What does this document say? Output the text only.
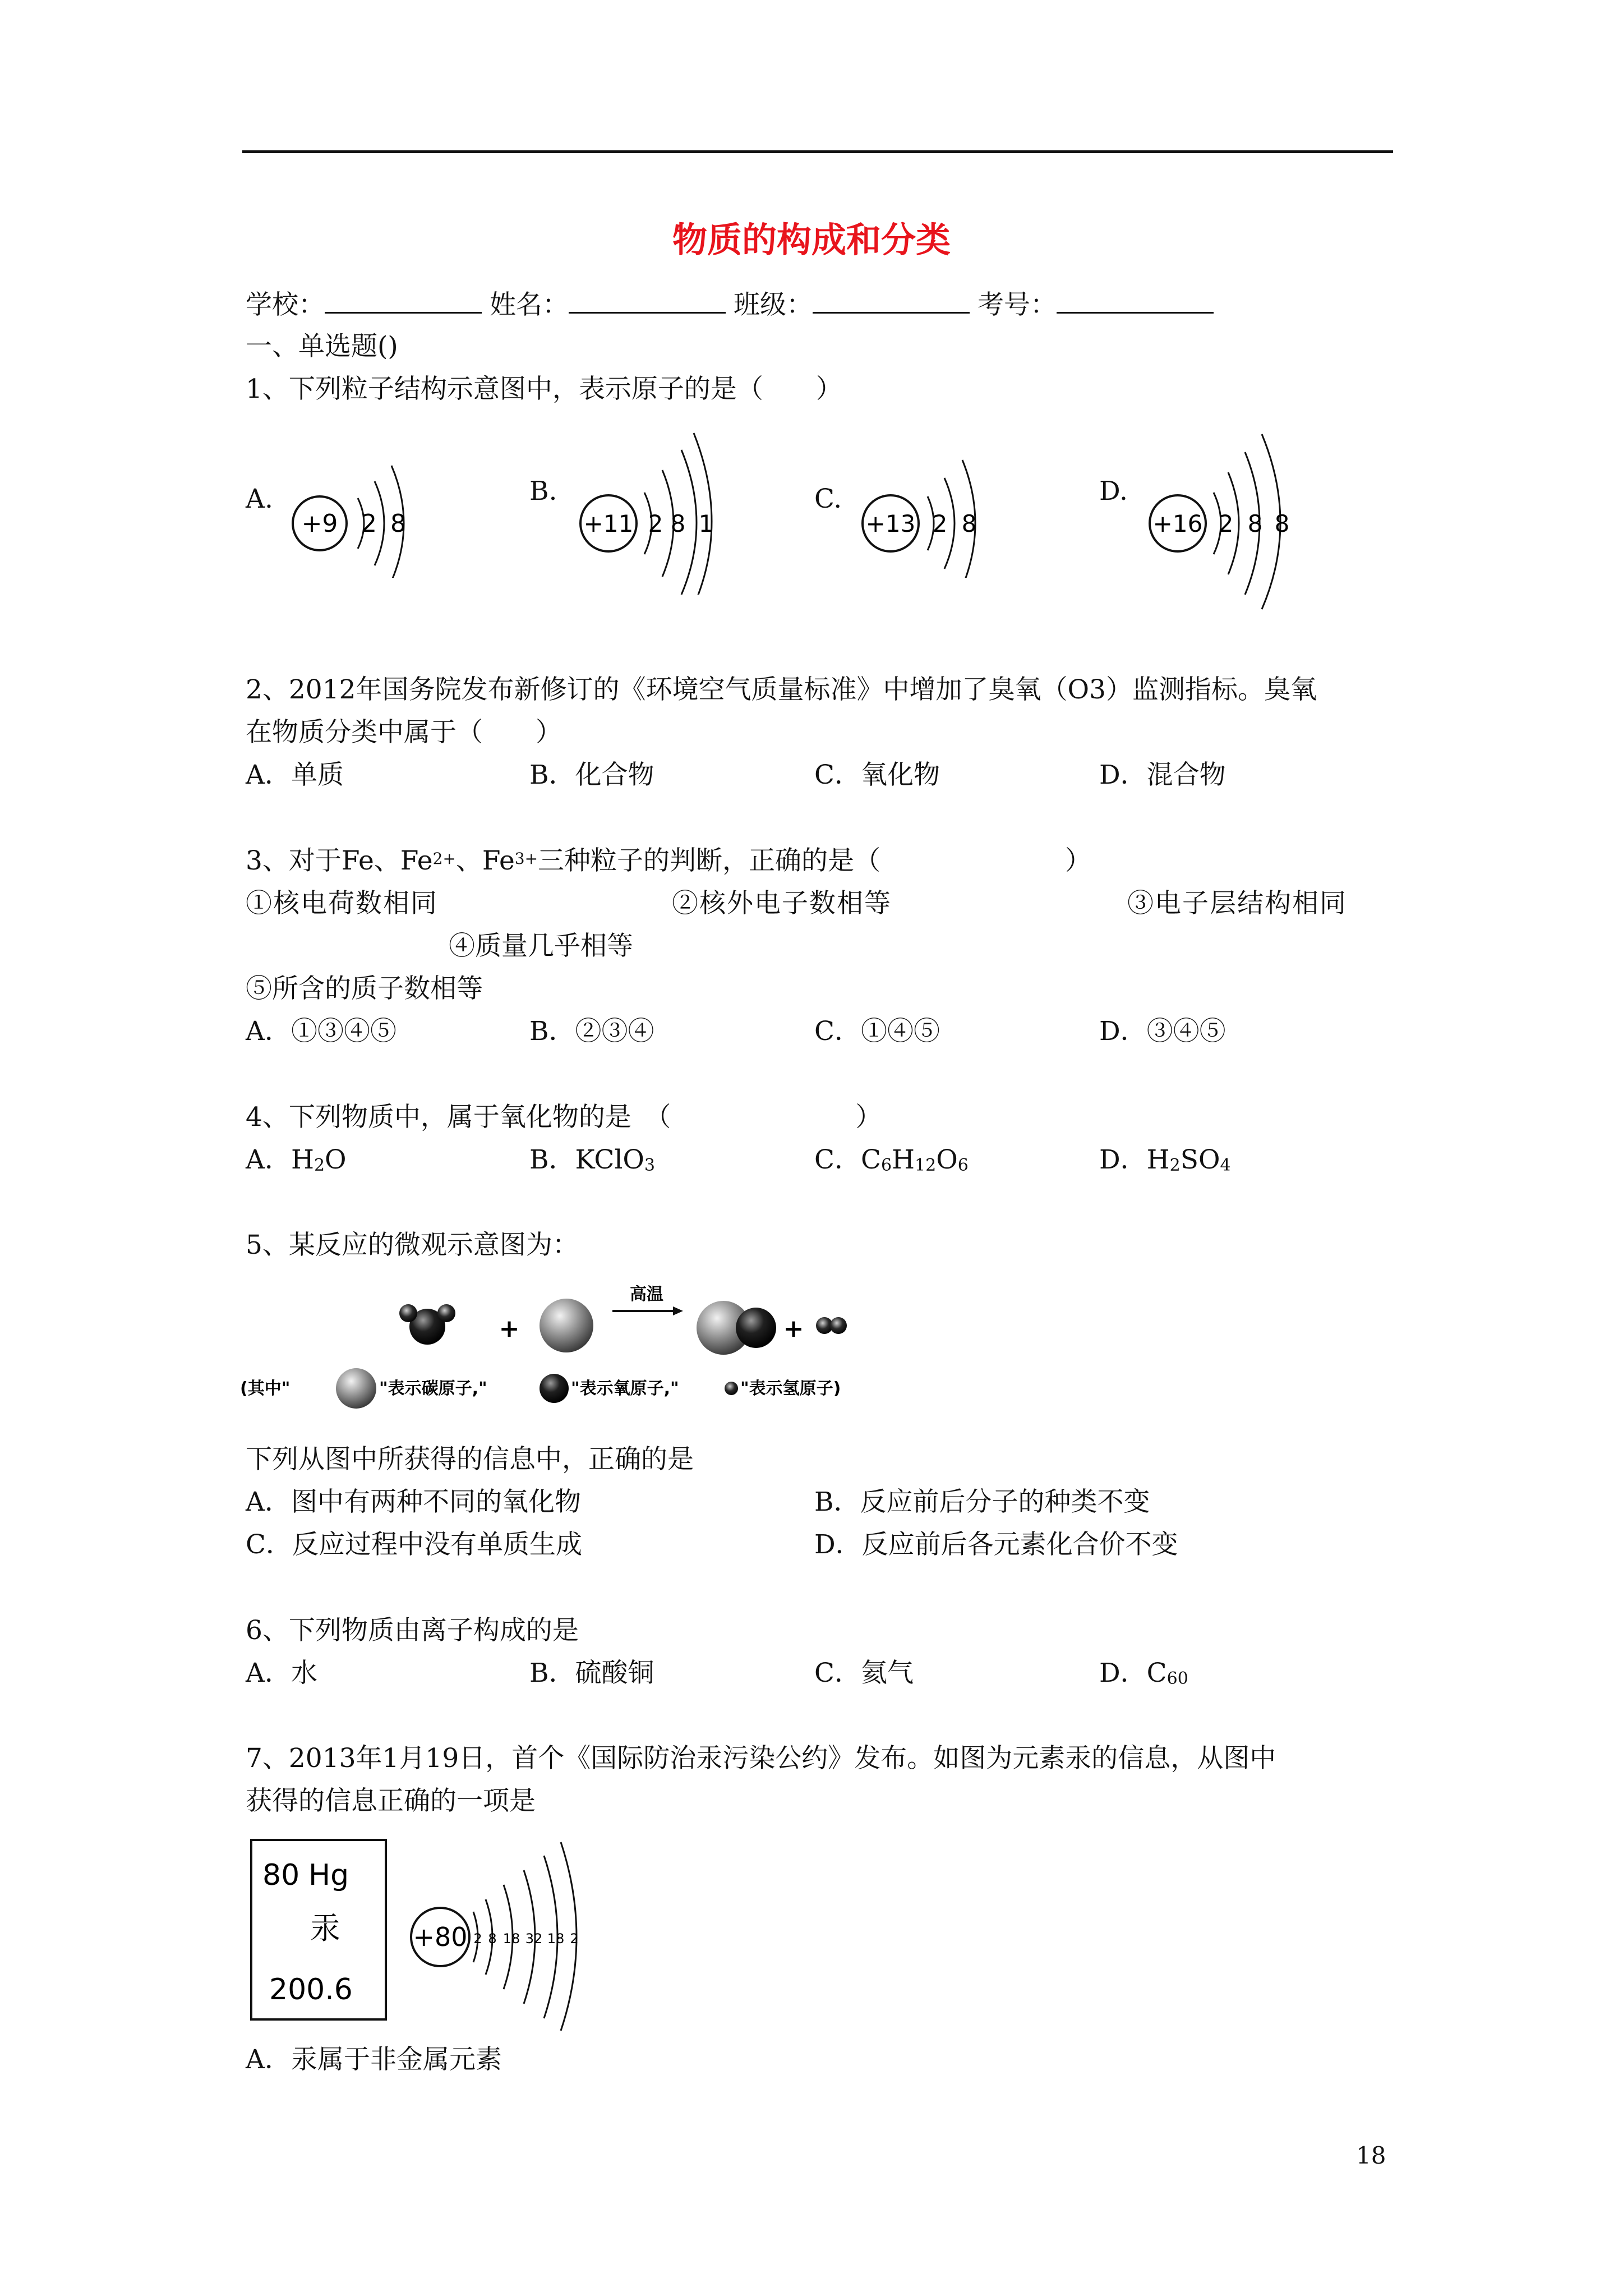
物质的构成和分类
学校：	姓名：	班级：	考号：
一、单选题()
1、下列粒子结构示意图中，表示原子的是（　　）
A.	B.	C.	D.
+9 2 8	+11 2 8 1	+13 2 8	+16 2 8 8
2、2012年国务院发布新修订的《环境空气质量标准》中增加了臭氧（O3）监测指标。臭氧
在物质分类中属于（　　）
A．单质	B．化合物	C．氧化物	D．混合物
3、对于Fe、$Fe^{2+}$、$Fe^{3+}$三种粒子的判断，正确的是（　　　　　　　）
①核电荷数相同	②核外电子数相等	③电子层结构相同
④质量几乎相等
⑤所含的质子数相等
A．①③④⑤	B．②③④	C．①④⑤	D．③④⑤
4、下列物质中，属于氧化物的是　（　　　　　　　）
A．$H_2O$	B．KClO$_3$	C．$C_6H_{12}O_6$	D．$H_2SO_4$
5、某反应的微观示意图为：
+
高温
+
(其中"	"表示碳原子,"	"表示氧原子,"	"表示氢原子)
下列从图中所获得的信息中，正确的是
A．图中有两种不同的氧化物	B．反应前后分子的种类不变
C．反应过程中没有单质生成	D．反应前后各元素化合价不变
6、下列物质由离子构成的是
A．水	B．硫酸铜	C．氦气	D．$C_{60}$
7、2013年1月19日，首个《国际防治汞污染公约》发布。如图为元素汞的信息，从图中
获得的信息正确的一项是
80 Hg
汞
200.6
+80 2 8 18 32 18 2
A．汞属于非金属元素
18
